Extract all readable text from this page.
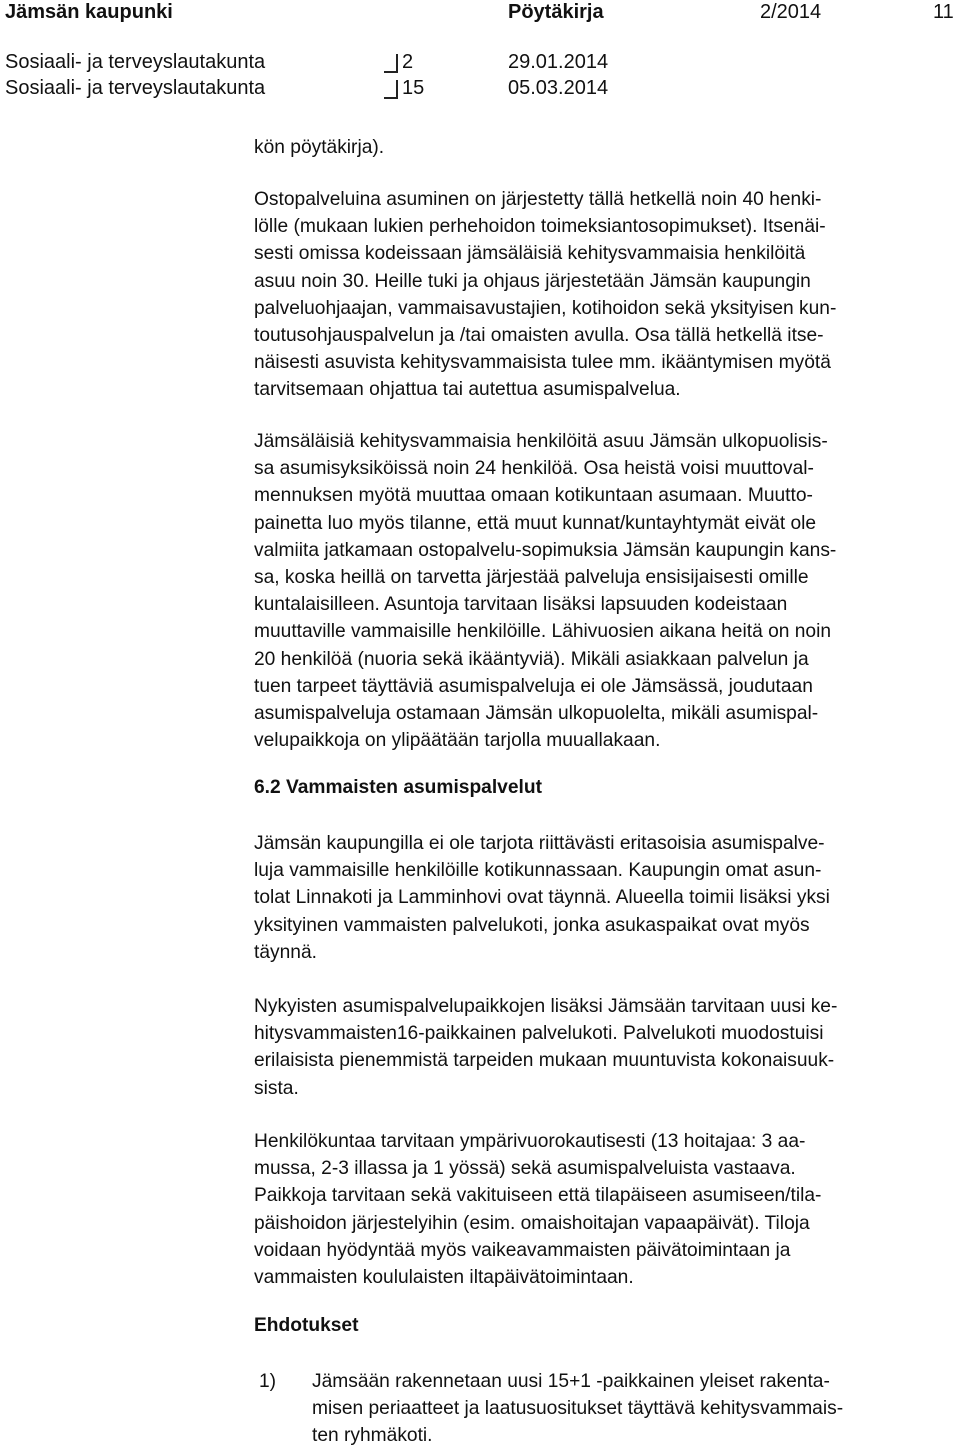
Jämsän kaupunki	Pöytäkirja	2/2014	11
Sosiaali- ja terveyslautakunta	2	29.01.2014
Sosiaali- ja terveyslautakunta	15	05.03.2014

kön pöytäkirja).

Ostopalveluina asuminen on järjestetty tällä hetkellä noin 40 henki-
lölle (mukaan lukien perhehoidon toimeksiantosopimukset). Itsenäi-
sesti omissa kodeissaan jämsäläisiä kehitysvammaisia henkilöitä
asuu noin 30. Heille tuki ja ohjaus järjestetään Jämsän kaupungin
palveluohjaajan, vammaisavustajien, kotihoidon sekä yksityisen kun-
toutusohjauspalvelun ja /tai omaisten avulla. Osa tällä hetkellä itse-
näisesti asuvista kehitysvammaisista tulee mm. ikääntymisen myötä
tarvitsemaan ohjattua tai autettua asumispalvelua.

Jämsäläisiä kehitysvammaisia henkilöitä asuu Jämsän ulkopuolisis-
sa asumisyksiköissä noin 24 henkilöä. Osa heistä voisi muuttoval-
mennuksen myötä muuttaa omaan kotikuntaan asumaan. Muutto-
painetta luo myös tilanne, että muut kunnat/kuntayhtymät eivät ole
valmiita jatkamaan ostopalvelu-sopimuksia Jämsän kaupungin kans-
sa, koska heillä on tarvetta järjestää palveluja ensisijaisesti omille
kuntalaisilleen. Asuntoja tarvitaan lisäksi lapsuuden kodeistaan
muuttaville vammaisille henkilöille. Lähivuosien aikana heitä on noin
20 henkilöä (nuoria sekä ikääntyviä). Mikäli asiakkaan palvelun ja
tuen tarpeet täyttäviä asumispalveluja ei ole Jämsässä, joudutaan
asumispalveluja ostamaan Jämsän ulkopuolelta, mikäli asumispal-
velupaikkoja on ylipäätään tarjolla muuallakaan.

6.2 Vammaisten asumispalvelut

Jämsän kaupungilla ei ole tarjota riittävästi eritasoisia asumispalve-
luja vammaisille henkilöille kotikunnassaan. Kaupungin omat asun-
tolat Linnakoti ja Lamminhovi ovat täynnä. Alueella toimii lisäksi yksi
yksityinen vammaisten palvelukoti, jonka asukaspaikat ovat myös
täynnä.

Nykyisten asumispalvelupaikkojen lisäksi Jämsään tarvitaan uusi ke-
hitysvammaisten16-paikkainen palvelukoti. Palvelukoti muodostuisi
erilaisista pienemmistä tarpeiden mukaan muuntuvista kokonaisuuk-
sista.

Henkilökuntaa tarvitaan ympärivuorokautisesti (13 hoitajaa: 3 aa-
mussa, 2-3 illassa ja 1 yössä) sekä asumispalveluista vastaava.
Paikkoja tarvitaan sekä vakituiseen että tilapäiseen asumiseen/tila-
päishoidon järjestelyihin (esim. omaishoitajan vapaapäivät). Tiloja
voidaan hyödyntää myös vaikeavammaisten päivätoimintaan ja
vammaisten koululaisten iltapäivätoimintaan.

Ehdotukset
1) Jämsään rakennetaan uusi 15+1 -paikkainen yleiset rakenta-
misen periaatteet ja laatusuositukset täyttävä kehitysvammais-
ten ryhmäkoti.
